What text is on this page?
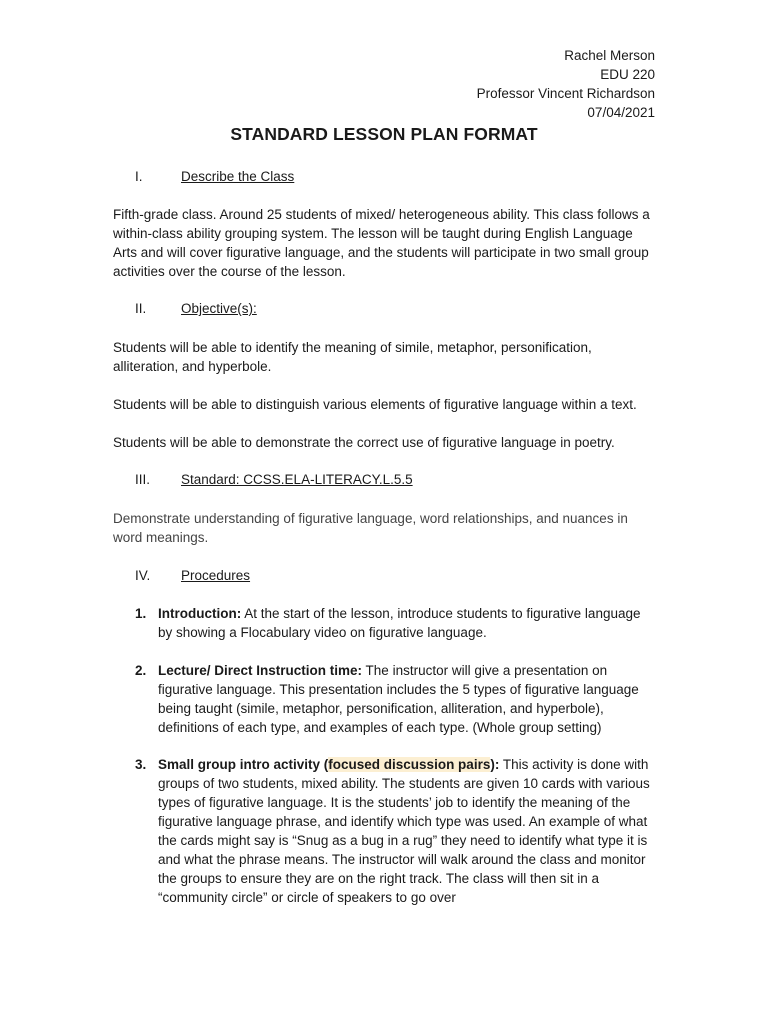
Rachel Merson
EDU 220
Professor Vincent Richardson
07/04/2021
STANDARD LESSON PLAN FORMAT
I.	Describe the Class
Fifth-grade class. Around 25 students of mixed/ heterogeneous ability. This class follows a within-class ability grouping system. The lesson will be taught during English Language Arts and will cover figurative language, and the students will participate in two small group activities over the course of the lesson.
II.	Objective(s):
Students will be able to identify the meaning of simile, metaphor, personification, alliteration, and hyperbole.
Students will be able to distinguish various elements of figurative language within a text.
Students will be able to demonstrate the correct use of figurative language in poetry.
III. Standard: CCSS.ELA-LITERACY.L.5.5
Demonstrate understanding of figurative language, word relationships, and nuances in word meanings.
IV. Procedures
1. Introduction: At the start of the lesson, introduce students to figurative language by showing a Flocabulary video on figurative language.
2. Lecture/ Direct Instruction time: The instructor will give a presentation on figurative language. This presentation includes the 5 types of figurative language being taught (simile, metaphor, personification, alliteration, and hyperbole), definitions of each type, and examples of each type. (Whole group setting)
3. Small group intro activity (focused discussion pairs): This activity is done with groups of two students, mixed ability. The students are given 10 cards with various types of figurative language. It is the students’ job to identify the meaning of the figurative language phrase, and identify which type was used. An example of what the cards might say is “Snug as a bug in a rug” they need to identify what type it is and what the phrase means. The instructor will walk around the class and monitor the groups to ensure they are on the right track. The class will then sit in a “community circle” or circle of speakers to go over
